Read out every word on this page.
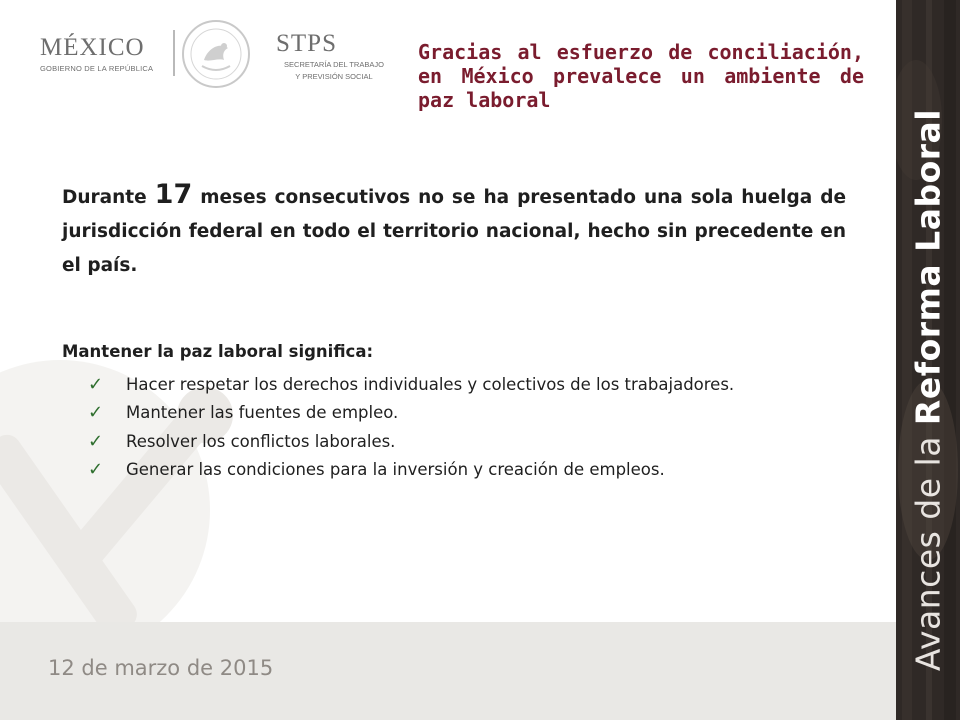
12 de marzo de 2015	Avances de la Reforma Laboral
MÉXICO
GOBIERNO DE LA REPÚBLICA
STPS
SECRETARÍA DEL TRABAJO
Y PREVISIÓN SOCIAL
Gracias al esfuerzo de conciliación, en México prevalece un ambiente de paz laboral
Durante 17 meses consecutivos no se ha presentado una sola huelga de jurisdicción federal en todo el territorio nacional, hecho sin precedente en el país.
Mantener la paz laboral significa:
✓	Hacer respetar los derechos individuales y colectivos de los trabajadores.
✓	Mantener las fuentes de empleo.
✓	Resolver los conflictos laborales.
✓	Generar las condiciones para la inversión y creación de empleos.
